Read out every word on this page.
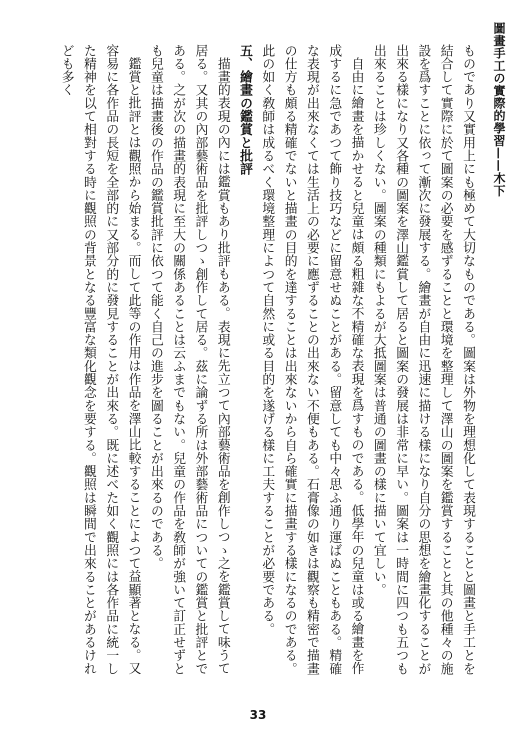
圖畫手工の實際的學習——木下

ものであり又實用上にも極めて大切なものである。圖案は外物を理想化して表現することと圖畫と手工とを結合して實際に於て圖案の必要を感ずることと環境を整理して澤山の圖案を鑑賞することと其の他種々の施設を爲すことに依って漸次に發展する。繪畫が自由に迅速に描ける樣になり自分の思想を繪畫化することが出來る樣になり又各種の圖案を澤山鑑賞して居ると圖案の發展は非常に早い。圖案は一時間に四つも五つも出來ることは珍しくない。圖案の種類にもよるが大抵圖案は普通の圖畫の樣に描いて宜しい。

自由に繪畫を描かせると兒童は頗る粗雜な不精確な表現を爲すものである。低學年の兒童は或る繪畫を作成するに急であつて飾り技巧などに留意せぬことがある。留意しても中々思ふ通り運ばぬこともある。精確な表現が出來なくては生活上の必要に應ずることの出來ない不便もある。石膏像の如きは觀察も精密で描畫の仕方も頗る精確でないと描畫の目的を達することは出來ないから自ら確實に描畫する樣になるのである。此の如く敎師は成るべく環境整理によつて自然に或る目的を遂げる樣に工夫することが必要である。

五、繪畫の鑑賞と批評

描畫的表現の內には鑑賞もあり批評もある。表現に先立つて內部藝術品を創作しつゝ之を鑑賞して味うて居る。又其の內部藝術品を批評しつゝ創作して居る。茲に論ずる所は外部藝術品についての鑑賞と批評とである。之が次の描畫的表現に至大の關係あることは云ふまでもない。兒童の作品を敎師が強いて訂正せずとも兒童は描畫後の作品の鑑賞批評に依つて能く自己の進步を圖ることが出來るのである。

鑑賞と批評とは觀照から始まる。而して此等の作用は作品を澤山比較することによつて益顯著となる。又容易に各作品の長短を全部的に又部分的に發見することが出來る。既に述べた如く觀照には各作品に統一した精神を以て相對する時に觀照の背景となる豐富な類化觀念を要する。觀照は瞬間で出來ることがあるけれども多く

33
